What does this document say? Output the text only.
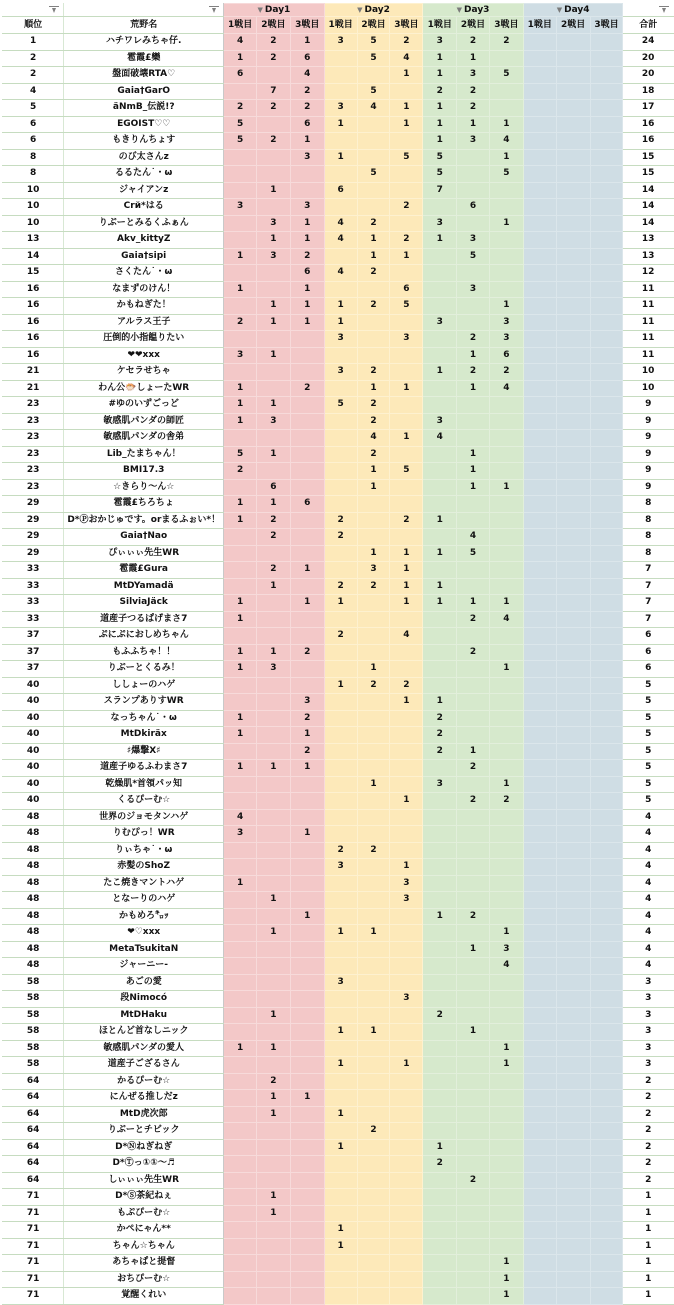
	▼ Day1			▼ Day2			▼ Day3			▼ Day4			

順位	荒野名	1戦目	2戦目	3戦目	1戦目	2戦目	3戦目	1戦目	2戦目	3戦目	1戦目	2戦目	3戦目	合計
1	ハチワレみちゃ仔.	4	2	1	3	5	2	3	2	2				24
2	雹霞£欒	1	2	6		5	4	1	1					20
2	盤面破壊RTA♡	6		4			1	1	3	5				20
4	Gaia†GarO		7	2		5		2	2					18
5	äNmB_伝説!?	2	2	2	3	4	1	1	2					17
6	EGOIST♡♡	5		6	1		1	1	1	1				16
6	もきりんちょす	5	2	1				1	3	4				16
8	のび太さんz			3	1		5	5		1				15
8	るるたん˙・ω					5		5		5				15
10	ジャイアンz		1		6			7						14
10	Crй*はる	3		3			2		6					14
10	りぶーとみるくふぁん		3	1	4	2		3		1				14
13	Akv_kittyZ		1	1	4	1	2	1	3					13
14	Gaia†sipi	1	3	2		1	1		5					13
15	さくたん˙・ω			6	4	2								12
16	なまずのけん！	1		1			6		3					11
16	かもねぎた！		1	1	1	2	5			1				11
16	アルラス王子	2	1	1	1			3		3				11
16	圧倒的小指饂りたい				3		3		2	3				11
16	❤❤xxx	3	1						1	6				11
21	ケセラせちゃ				3	2		1	2	2				10
21	わん公🐡しょーたWR	1		2		1	1		1	4				10
23	#ゆのいずごっど	1	1		5	2								9
23	敏感肌パンダの師匠	1	3			2		3						9
23	敏感肌パンダの舎弟					4	1	4						9
23	Lib_たまちゃん！	5	1			2			1					9
23	BMI17.3	2				1	5		1					9
23	☆きらり～ん☆		6			1			1	1				9
29	雹霞£ちろちょ	1	1	6										8
29	D*Ⓟおかじゅです。orまるふぉい*！	1	2		2		2	1						8
29	Gaia†Nao		2		2				4					8
29	ぴぃぃぃ先生WR					1	1	1	5					8
33	雹霞£Gura		2	1		3	1							7
33	MtDYamadä		1		2	2	1	1						7
33	SilviaJäck	1		1	1		1	1	1	1				7
33	道産子つるぱげまさ7	1							2	4				7
37	ぷにぷにおしめちゃん				2		4							6
37	もふふちゃ！！	1	1	2					2					6
37	りぶーとくるみ！	1	3			1				1				6
40	ししょーのハゲ				1	2	2							5
40	スランプありすWR			3			1	1						5
40	なっちゃん˙・ω	1		2				2						5
40	MtDkiräx	1		1				2						5
40	♯爆撃X♯			2				2	1					5
40	道産子ゆるふわまさ7	1	1	1					2					5
40	乾燥肌*首領パッ知					1		3		1				5
40	くるぴーむ☆						1		2	2				5
48	世界のジョモタンハゲ	4												4
48	りむぴっ！WR	3		1										4
48	りぃちゃ˙・ω				2	2								4
48	赤髪のShoZ				3		1							4
48	たこ焼きマントハゲ	1					3							4
48	となーりのハゲ		1				3							4
48	かもめろ㌔ｯ			1				1	2					4
48	❤♡xxx		1		1	1				1				4
48	MetaTsukitaN								1	3				4
48	ジャーニー-									4				4
58	あごの愛				3									3
58	段Nimocó						3							3
58	MtDHaku		1					2						3
58	ほとんど首なしニック				1	1			1					3
58	敏感肌パンダの愛人	1	1							1				3
58	道産子ござるさん				1		1			1				3
64	かるぴーむ☆		2											2
64	にんぜる推しだz		1	1										2
64	MtD虎次郎		1		1									2
64	りぶーとチビック					2								2
64	D*Ⓝねぎねぎ				1			1						2
64	D*Ⓣっ①①～♬							2						2
64	しぃぃぃ先生WR								2					2
71	D*Ⓢ茶紀ねぇ		1											1
71	もぷぴーむ☆		1											1
71	かぺにゃん**				1									1
71	ちゃん☆ちゃん				1									1
71	あちゃぱと提督									1				1
71	おちぴーむ☆									1				1
71	覚醒くれい									1				1
